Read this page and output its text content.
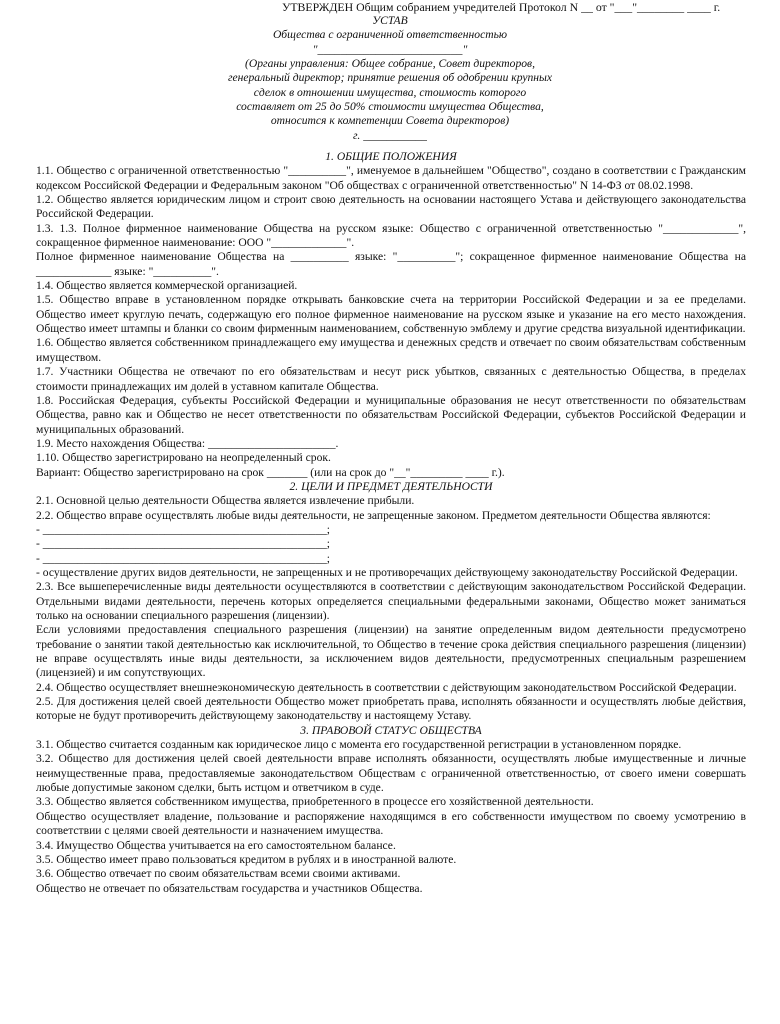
УТВЕРЖДЕН Общим собранием учредителей Протокол N __ от "___"________ ____ г.
УСТАВ
Общества с ограниченной ответственностью
"_________________________"
(Органы управления: Общее собрание, Совет директоров,
генеральный директор; принятие решения об одобрении крупных
сделок в отношении имущества, стоимость которого
составляет от 25 до 50% стоимости имущества Общества,
относится к компетенции Совета директоров)
г. ___________
1. ОБЩИЕ ПОЛОЖЕНИЯ

1.1. Общество с ограниченной ответственностью "__________", именуемое в дальнейшем "Общество", создано в соответствии с Гражданским кодексом Российской Федерации и Федеральным законом "Об обществах с ограниченной ответственностью" N 14-ФЗ от 08.02.1998.

1.2. Общество является юридическим лицом и строит свою деятельность на основании настоящего Устава и действующего законодательства Российской Федерации.

1.3. 1.3. Полное фирменное наименование Общества на русском языке: Общество с ограниченной ответственностью "_____________", сокращенное фирменное наименование: ООО "_____________".

Полное фирменное наименование Общества на __________ языке: "__________"; сокращенное фирменное наименование Общества на _____________ языке: "__________".

1.4. Общество является коммерческой организацией.

1.5. Общество вправе в установленном порядке открывать банковские счета на территории Российской Федерации и за ее пределами. Общество имеет круглую печать, содержащую его полное фирменное наименование на русском языке и указание на его место нахождения. Общество имеет штампы и бланки со своим фирменным наименованием, собственную эмблему и другие средства визуальной идентификации.

1.6. Общество является собственником принадлежащего ему имущества и денежных средств и отвечает по своим обязательствам собственным имуществом.

1.7. Участники Общества не отвечают по его обязательствам и несут риск убытков, связанных с деятельностью Общества, в пределах стоимости принадлежащих им долей в уставном капитале Общества.

1.8. Российская Федерация, субъекты Российской Федерации и муниципальные образования не несут ответственности по обязательствам Общества, равно как и Общество не несет ответственности по обязательствам Российской Федерации, субъектов Российской Федерации и муниципальных образований.

1.9. Место нахождения Общества: ______________________.

1.10. Общество зарегистрировано на неопределенный срок.

Вариант: Общество зарегистрировано на срок _______ (или на срок до "__"_________ ____ г.).

2. ЦЕЛИ И ПРЕДМЕТ ДЕЯТЕЛЬНОСТИ

2.1. Основной целью деятельности Общества является извлечение прибыли.

2.2. Общество вправе осуществлять любые виды деятельности, не запрещенные законом. Предметом деятельности Общества являются:

- _________________________________________________;
- _________________________________________________;
- _________________________________________________;

- осуществление других видов деятельности, не запрещенных и не противоречащих действующему законодательству Российской Федерации.

2.3. Все вышеперечисленные виды деятельности осуществляются в соответствии с действующим законодательством Российской Федерации. Отдельными видами деятельности, перечень которых определяется специальными федеральными законами, Общество может заниматься только на основании специального разрешения (лицензии).

Если условиями предоставления специального разрешения (лицензии) на занятие определенным видом деятельности предусмотрено требование о занятии такой деятельностью как исключительной, то Общество в течение срока действия специального разрешения (лицензии) не вправе осуществлять иные виды деятельности, за исключением видов деятельности, предусмотренных специальным разрешением (лицензией) и им сопутствующих.

2.4. Общество осуществляет внешнеэкономическую деятельность в соответствии с действующим законодательством Российской Федерации.

2.5. Для достижения целей своей деятельности Общество может приобретать права, исполнять обязанности и осуществлять любые действия, которые не будут противоречить действующему законодательству и настоящему Уставу.

3. ПРАВОВОЙ СТАТУС ОБЩЕСТВА

3.1. Общество считается созданным как юридическое лицо с момента его государственной регистрации в установленном порядке.

3.2. Общество для достижения целей своей деятельности вправе исполнять обязанности, осуществлять любые имущественные и личные неимущественные права, предоставляемые законодательством Обществам с ограниченной ответственностью, от своего имени совершать любые допустимые законом сделки, быть истцом и ответчиком в суде.

3.3. Общество является собственником имущества, приобретенного в процессе его хозяйственной деятельности.

Общество осуществляет владение, пользование и распоряжение находящимся в его собственности имуществом по своему усмотрению в соответствии с целями своей деятельности и назначением имущества.

3.4. Имущество Общества учитывается на его самостоятельном балансе.

3.5. Общество имеет право пользоваться кредитом в рублях и в иностранной валюте.

3.6. Общество отвечает по своим обязательствам всеми своими активами.

Общество не отвечает по обязательствам государства и участников Общества.
